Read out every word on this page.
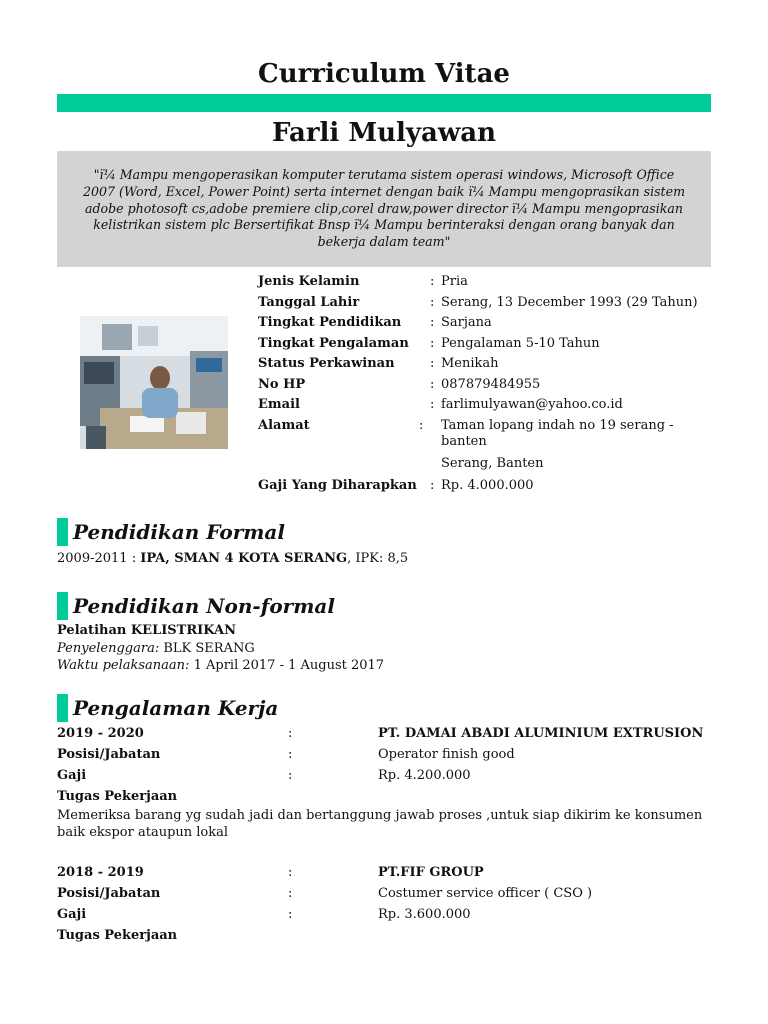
Curriculum Vitae
Farli Mulyawan
"ï¼ Mampu mengoperasikan komputer terutama sistem operasi windows, Microsoft Office 2007 (Word, Excel, Power Point) serta internet dengan baik ï¼ Mampu mengoprasikan sistem adobe photosoft cs,adobe premiere clip,corel draw,power director ï¼ Mampu mengoprasikan kelistrikan sistem plc Bersertifikat Bnsp ï¼ Mampu berinteraksi dengan orang banyak dan bekerja dalam team"
Jenis Kelamin	: Pria
Tanggal Lahir	: Serang, 13 December 1993 (29 Tahun)
Tingkat Pendidikan	: Sarjana
Tingkat Pengalaman	: Pengalaman 5-10 Tahun
Status Perkawinan	: Menikah
No HP	: 087879484955
Email	: farlimulyawan@yahoo.co.id
Alamat	: Taman lopang indah no 19 serang - banten
Serang, Banten
Gaji Yang Diharapkan	: Rp. 4.000.000
Pendidikan Formal
2009-2011 : IPA, SMAN 4 KOTA SERANG, IPK: 8,5
Pendidikan Non-formal
Pelatihan KELISTRIKAN
Penyelenggara: BLK SERANG
Waktu pelaksanaan: 1 April 2017 - 1 August 2017
Pengalaman Kerja
2019 - 2020	:	PT. DAMAI ABADI ALUMINIUM EXTRUSION
Posisi/Jabatan	:	Operator finish good
Gaji	:	Rp. 4.200.000
Tugas Pekerjaan
Memeriksa barang yg sudah jadi dan bertanggung jawab proses ,untuk siap dikirim ke konsumen baik ekspor ataupun lokal
2018 - 2019	:	PT.FIF GROUP
Posisi/Jabatan	:	Costumer service officer ( CSO )
Gaji	:	Rp. 3.600.000
Tugas Pekerjaan
